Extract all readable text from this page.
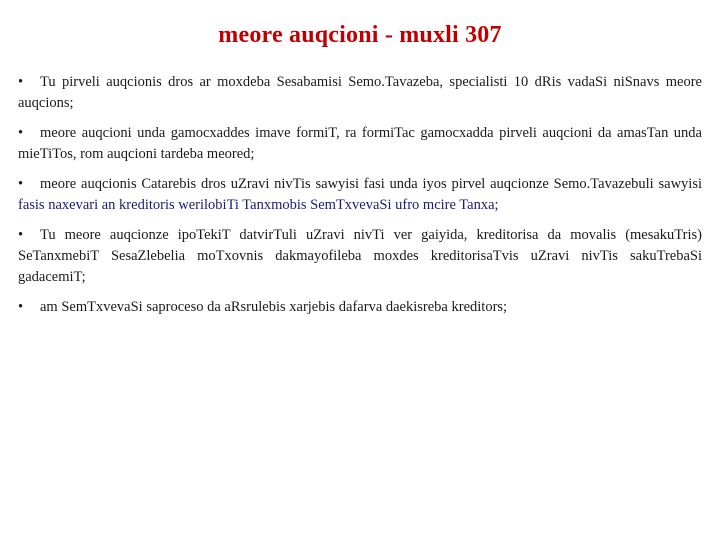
meore auqcioni - muxli 307
• Tu pirveli auqcionis dros ar moxdeba Sesabamisi Semo.Tavazeba, specialisti 10 dRis vadaSi niSnavs meore auqcions;
• meore auqcioni unda gamocxaddes imave formiT, ra formiTac gamocxadda pirveli auqcioni da amasTan unda mieTiTos, rom auqcioni tardeba meored;
• meore auqcionis Catarebis dros uZravi nivTis sawyisi fasi unda iyos pirvel auqcionze Semo.Tavazebuli sawyisi fasis naxevari an kreditoris werilobiTi Tanxmobis SemTxvevaSi ufro mcire Tanxa;
• Tu meore auqcionze ipoTekiT datvirTuli uZravi nivTi ver gaiyida, kreditorisa da movalis (mesakuTris) SeTanxmebiT SesaZlebelia moTxovnis dakmayofileba moxdes kreditorisaTvis uZravi nivTis sakuTrebaSi gadacemiT;
• am SemTxvevaSi saproceso da aRsrulebis xarjebis dafarva daekisreba kreditors;
